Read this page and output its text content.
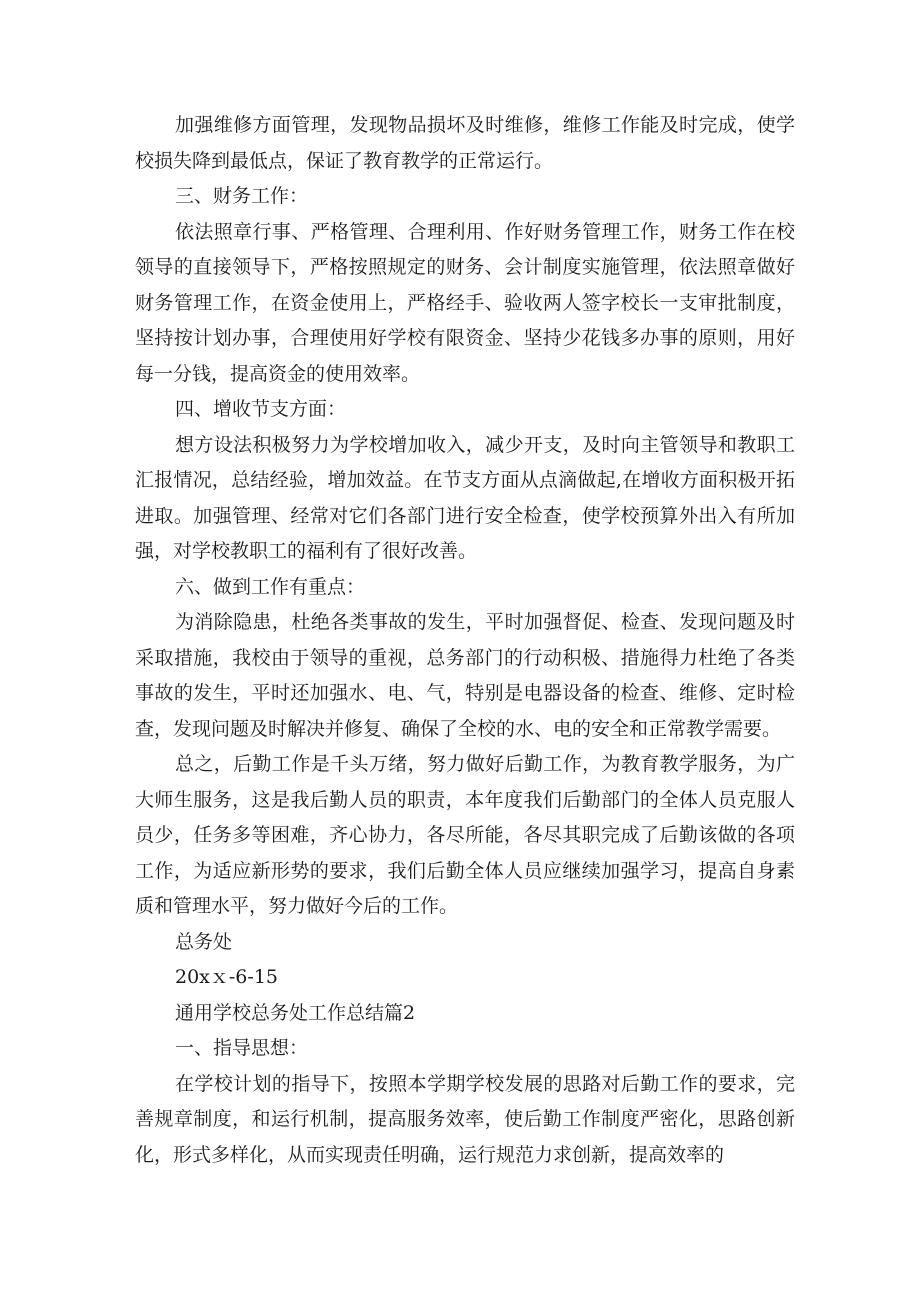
加强维修方面管理，发现物品损坏及时维修，维修工作能及时完成，使学校损失降到最低点，保证了教育教学的正常运行。

三、财务工作：

依法照章行事、严格管理、合理利用、作好财务管理工作，财务工作在校领导的直接领导下，严格按照规定的财务、会计制度实施管理，依法照章做好财务管理工作，在资金使用上，严格经手、验收两人签字校长一支审批制度，坚持按计划办事，合理使用好学校有限资金、坚持少花钱多办事的原则，用好每一分钱，提高资金的使用效率。

四、增收节支方面：

想方设法积极努力为学校增加收入，减少开支，及时向主管领导和教职工汇报情况，总结经验，增加效益。在节支方面从点滴做起,在增收方面积极开拓进取。加强管理、经常对它们各部门进行安全检查，使学校预算外出入有所加强，对学校教职工的福利有了很好改善。

六、做到工作有重点：

为消除隐患，杜绝各类事故的发生，平时加强督促、检查、发现问题及时采取措施，我校由于领导的重视，总务部门的行动积极、措施得力杜绝了各类事故的发生，平时还加强水、电、气，特别是电器设备的检查、维修、定时检查，发现问题及时解决并修复、确保了全校的水、电的安全和正常教学需要。

总之，后勤工作是千头万绪，努力做好后勤工作，为教育教学服务，为广大师生服务，这是我后勤人员的职责，本年度我们后勤部门的全体人员克服人员少，任务多等困难，齐心协力，各尽所能，各尽其职完成了后勤该做的各项工作，为适应新形势的要求，我们后勤全体人员应继续加强学习，提高自身素质和管理水平，努力做好今后的工作。

总务处

20xｘ-6-15

通用学校总务处工作总结篇2

一、指导思想：

在学校计划的指导下，按照本学期学校发展的思路对后勤工作的要求，完善规章制度，和运行机制，提高服务效率，使后勤工作制度严密化，思路创新化，形式多样化，从而实现责任明确，运行规范力求创新，提高效率的
